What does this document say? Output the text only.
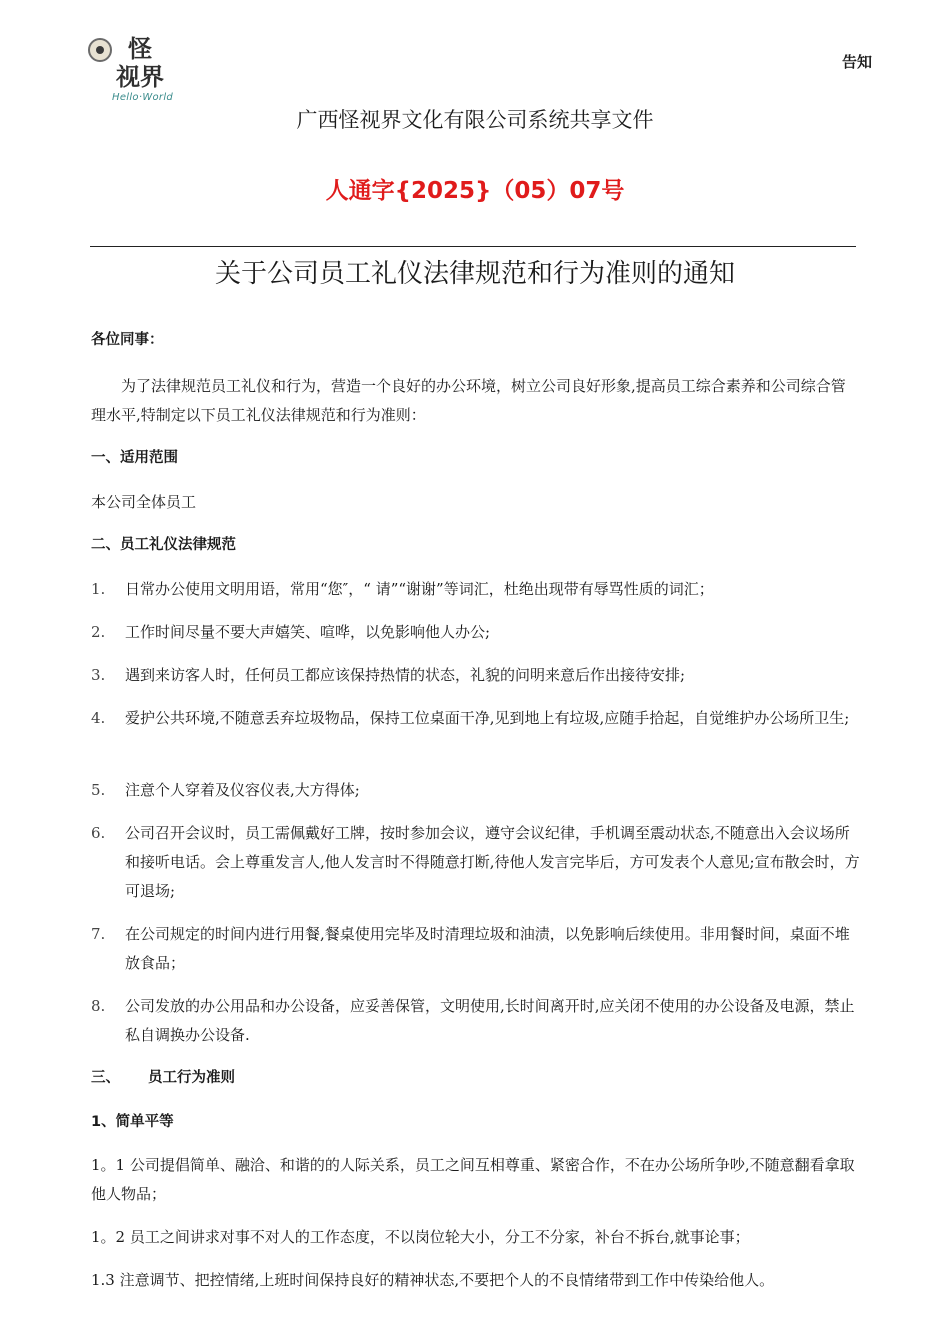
怪
视界
Hello·World
告知
广西怪视界文化有限公司系统共享文件
人通字{2025}（05）07号
关于公司员工礼仪法律规范和行为准则的通知
各位同事：
为了法律规范员工礼仪和行为，营造一个良好的办公环境，树立公司良好形象,提高员工综合素养和公司综合管理水平,特制定以下员工礼仪法律规范和行为准则：
一、适用范围
本公司全体员工
二、员工礼仪法律规范
1.	日常办公使用文明用语，常用“您″，“ 请”“谢谢”等词汇，杜绝出现带有辱骂性质的词汇；
2.	工作时间尽量不要大声嬉笑、喧哗，以免影响他人办公;
3.	遇到来访客人时，任何员工都应该保持热情的状态，礼貌的问明来意后作出接待安排;
4.	爱护公共环境,不随意丢弃垃圾物品，保持工位桌面干净,见到地上有垃圾,应随手拾起，自觉维护办公场所卫生;
5.	注意个人穿着及仪容仪表,大方得体;
6.	公司召开会议时，员工需佩戴好工牌，按时参加会议，遵守会议纪律，手机调至震动状态,不随意出入会议场所和接听电话。会上尊重发言人,他人发言时不得随意打断,待他人发言完毕后，方可发表个人意见;宣布散会时，方可退场;
7.	在公司规定的时间内进行用餐,餐桌使用完毕及时清理垃圾和油渍，以免影响后续使用。非用餐时间，桌面不堆放食品；
8.	公司发放的办公用品和办公设备，应妥善保管，文明使用,长时间离开时,应关闭不使用的办公设备及电源，禁止私自调换办公设备.
三、 员工行为准则
1、简单平等
1。1 公司提倡简单、融洽、和谐的的人际关系，员工之间互相尊重、紧密合作，不在办公场所争吵,不随意翻看拿取他人物品；
1。2 员工之间讲求对事不对人的工作态度，不以岗位轮大小，分工不分家，补台不拆台,就事论事；
1.3 注意调节、把控情绪,上班时间保持良好的精神状态,不要把个人的不良情绪带到工作中传染给他人。
